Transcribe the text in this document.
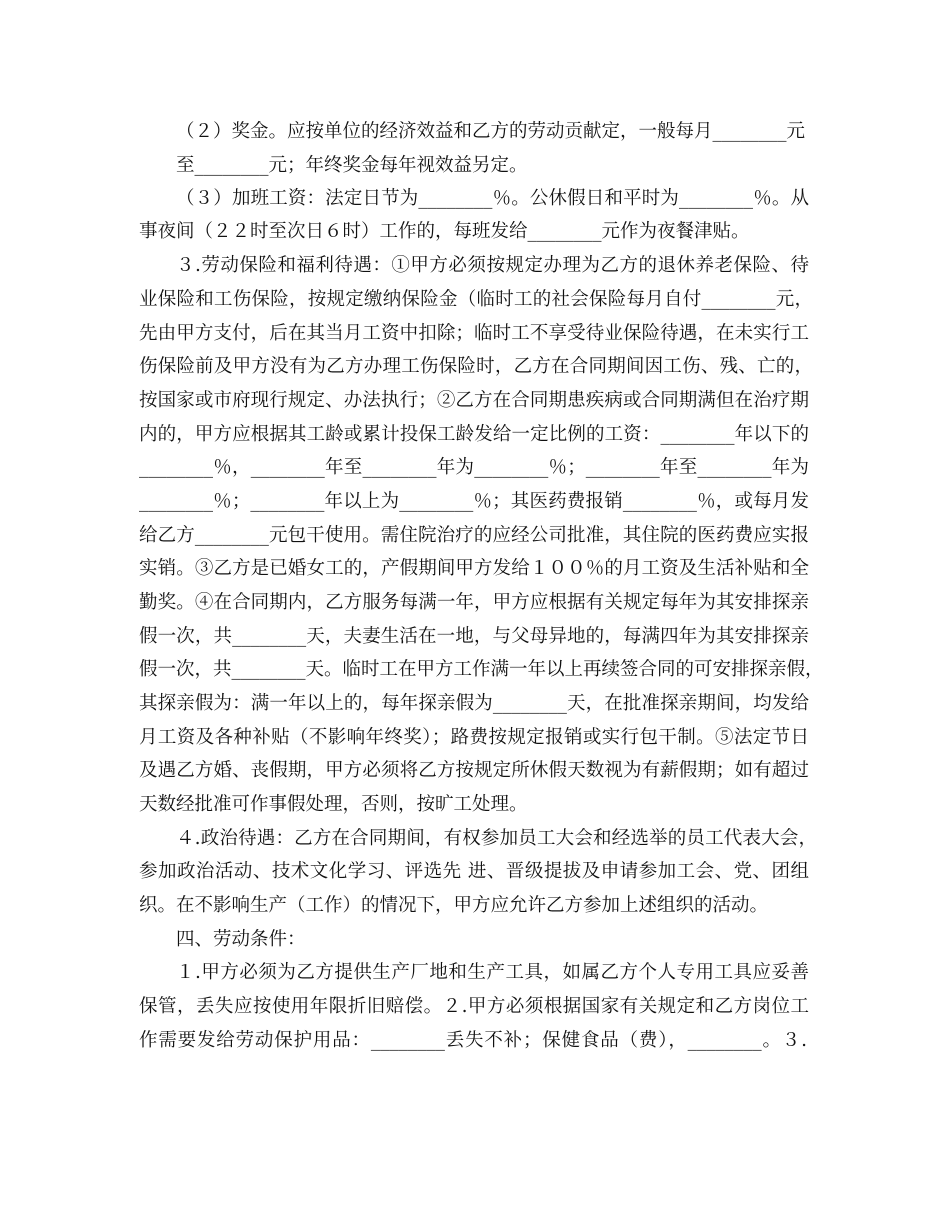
（２）奖金。应按单位的经济效益和乙方的劳动贡献定，一般每月________元
至________元；年终奖金每年视效益另定。
（３）加班工资：法定日节为________％。公休假日和平时为________％。从
事夜间（２２时至次日６时）工作的，每班发给________元作为夜餐津贴。
３.劳动保险和福利待遇：①甲方必须按规定办理为乙方的退休养老保险、待
业保险和工伤保险，按规定缴纳保险金（临时工的社会保险每月自付________元，
先由甲方支付，后在其当月工资中扣除；临时工不享受待业保险待遇，在未实行工
伤保险前及甲方没有为乙方办理工伤保险时，乙方在合同期间因工伤、残、亡的，
按国家或市府现行规定、办法执行；②乙方在合同期患疾病或合同期满但在治疗期
内的，甲方应根据其工龄或累计投保工龄发给一定比例的工资：________年以下的
________％，________年至________年为________％；________年至________年为
________％；________年以上为________％；其医药费报销________％，或每月发
给乙方________元包干使用。需住院治疗的应经公司批准，其住院的医药费应实报
实销。③乙方是已婚女工的，产假期间甲方发给１００％的月工资及生活补贴和全
勤奖。④在合同期内，乙方服务每满一年，甲方应根据有关规定每年为其安排探亲
假一次，共________天，夫妻生活在一地，与父母异地的，每满四年为其安排探亲
假一次，共________天。临时工在甲方工作满一年以上再续签合同的可安排探亲假，
其探亲假为：满一年以上的，每年探亲假为________天，在批准探亲期间，均发给
月工资及各种补贴（不影响年终奖）；路费按规定报销或实行包干制。⑤法定节日
及遇乙方婚、丧假期，甲方必须将乙方按规定所休假天数视为有薪假期；如有超过
天数经批准可作事假处理，否则，按旷工处理。
４.政治待遇：乙方在合同期间，有权参加员工大会和经选举的员工代表大会，
参加政治活动、技术文化学习、评选先 进、晋级提拔及申请参加工会、党、团组
织。在不影响生产（工作）的情况下，甲方应允许乙方参加上述组织的活动。
四、劳动条件：
１.甲方必须为乙方提供生产厂地和生产工具，如属乙方个人专用工具应妥善
保管，丢失应按使用年限折旧赔偿。２.甲方必须根据国家有关规定和乙方岗位工
作需要发给劳动保护用品：________丢失不补；保健食品（费），________。３.
